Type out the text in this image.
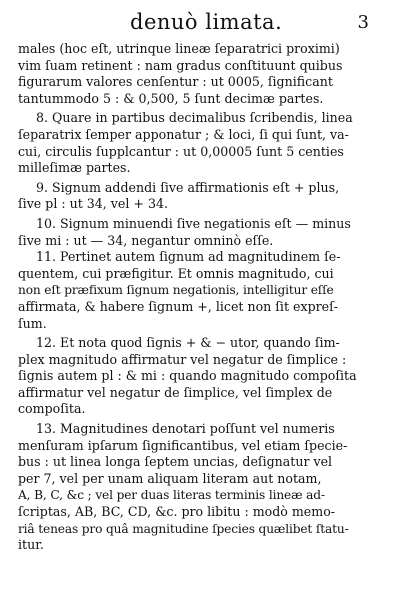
denuò limata.	3
males (hoc eſt, utrinque lineæ ſeparatrici proximi)
vim ſuam retinent : nam gradus conſtituunt quibus
figurarum valores cenſentur : ut 0005, ſignificant
tantummodo 5 : & 0,500, 5 ſunt decimæ partes.
8. Quare in partibus decimalibus ſcribendis, linea
ſeparatrix ſemper apponatur ; & loci, ſi qui ſunt, va-
cui, circulis ſupplcantur : ut 0,00005 ſunt 5 centies
milleſimæ partes.
9. Signum addendi ſive affirmationis eſt + plus,
ſive pl : ut 34, vel + 34.
10. Signum minuendi ſive negationis eſt — minus
ſive mi : ut — 34, negantur omninò eſſe.
11. Pertinet autem ſignum ad magnitudinem ſe-
quentem, cui præfigitur. Et omnis magnitudo, cui
non eſt præfixum ſignum negationis, intelligitur eſſe
affirmata, & habere ſignum +, licet non ſit expreſ-
ſum.
12. Et nota quod ſignis + & − utor, quando ſim-
plex magnitudo affirmatur vel negatur de ſimplice :
ſignis autem pl : & mi : quando magnitudo compoſita
affirmatur vel negatur de ſimplice, vel ſimplex de
compoſita.
13. Magnitudines denotari poſſunt vel numeris
menſuram ipſarum ſignificantibus, vel etiam ſpecie-
bus : ut linea longa ſeptem uncias, deſignatur vel
per 7, vel per unam aliquam literam aut notam,
A, B, C, &c ; vel per duas literas terminis lineæ ad-
ſcriptas, AB, BC, CD, &c. pro libitu : modò memo-
riâ teneas pro quâ magnitudine ſpecies quælibet ſtatu-
itur.
